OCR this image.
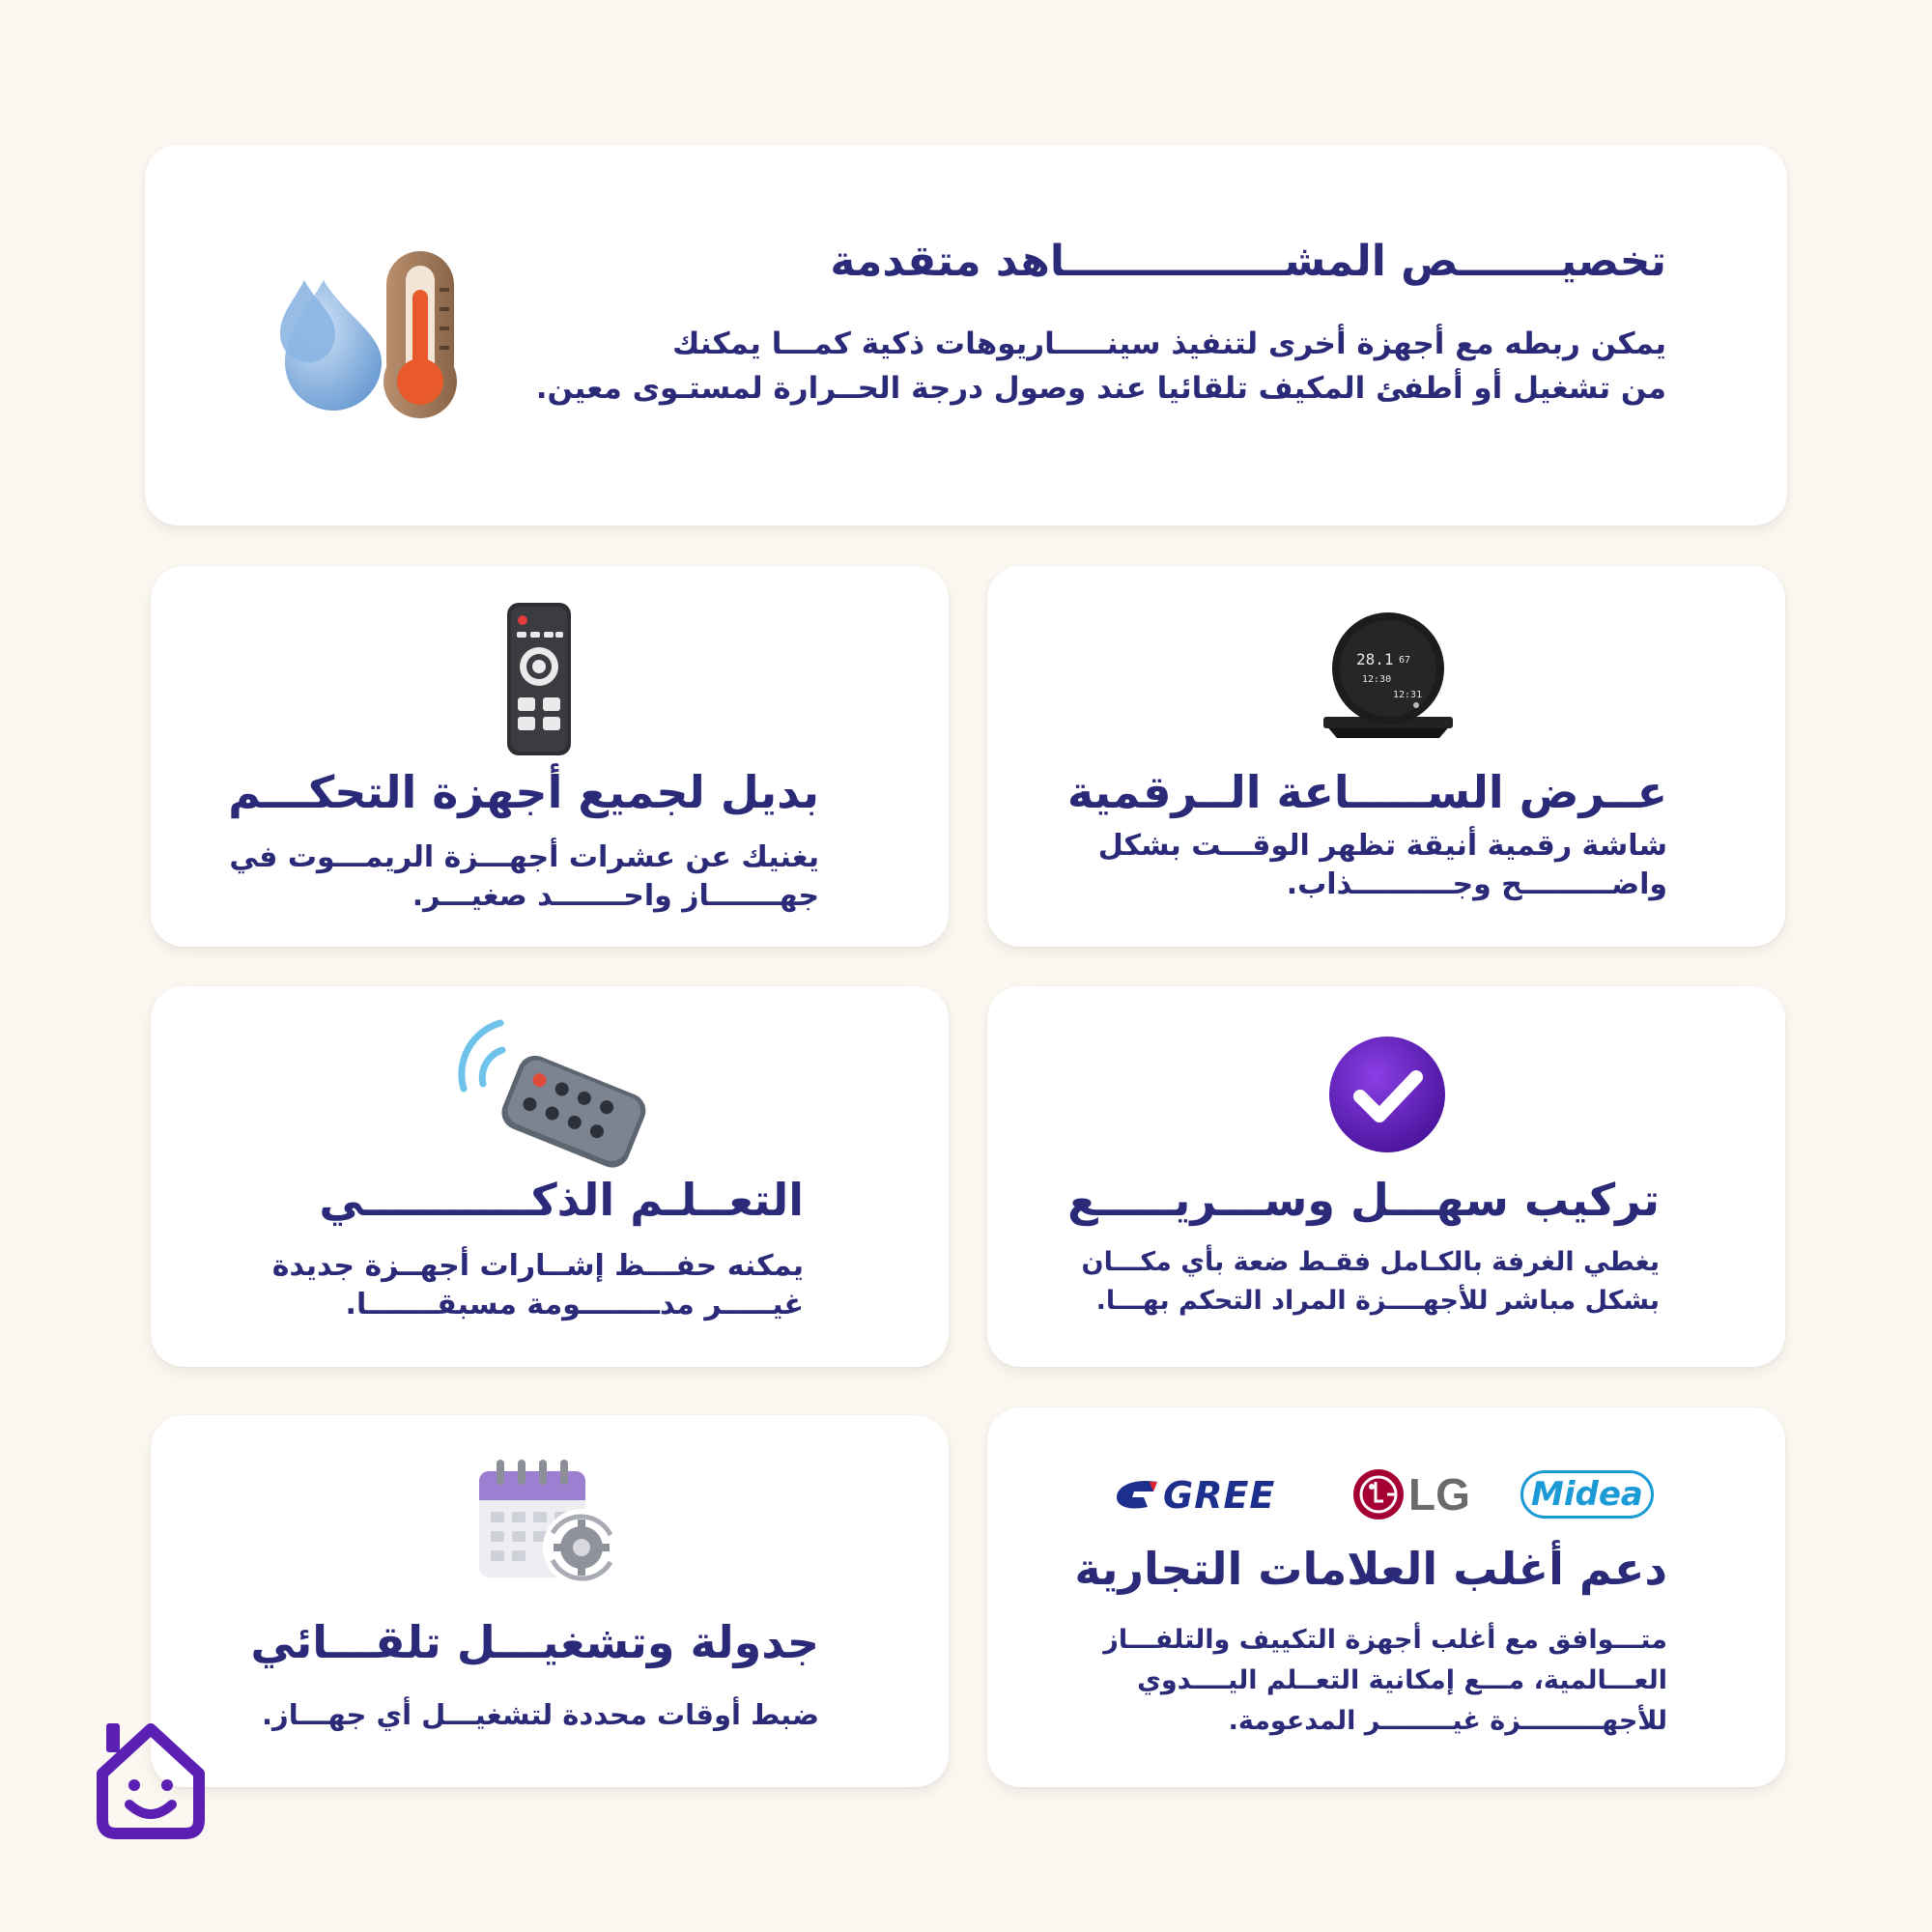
تخصيـــــــص المشـــــــــــــــاهد متقدمة
يمكن ربطه مع أجهزة أخرى لتنفيذ سينـــــاريوهات ذكية كمـــا يمكنك
من تشغيل أو أطفئ المكيف تلقائيا عند وصول درجة الحــرارة لمستـوى معين.
بديل لجميع أجهزة التحكـــم
يغنيك عن عشرات أجهـــزة الريمـــوت في
جهـــــــاز واحـــــــد صغيـــر.
28.1 67
12:30
12:31
عــرض الســـــاعة الــرقمية
شاشة رقمية أنيقة تظهر الوقـــت بشكل
واضـــــــــح وجــــــــــذاب.
التعــلـم الذكـــــــــــي
يمكنه حفـــظ إشــارات أجهــزة جديدة
غيـــــر مدــــــــومة مسبقـــــــا.
تركيب سهـــل وســـريـــــع
يغطي الغرفة بالكـامل فقـط ضعة بأي مكـــان
بشكل مباشر للأجهــــزة المراد التحكم بهـــا.
جدولة وتشغيـــل تلقـــائي
ضبط أوقات محددة لتشغيـــل أي جهـــاز.
GREE	LG	Midea
دعم أغلب العلامات التجارية
متـــوافق مع أغلب أجهزة التكييف والتلفـــاز
العـــالمية، مـــع إمكانية التعــلم اليــــدوي
للأجهـــــــــزة غيــــــــر المدعومة.
